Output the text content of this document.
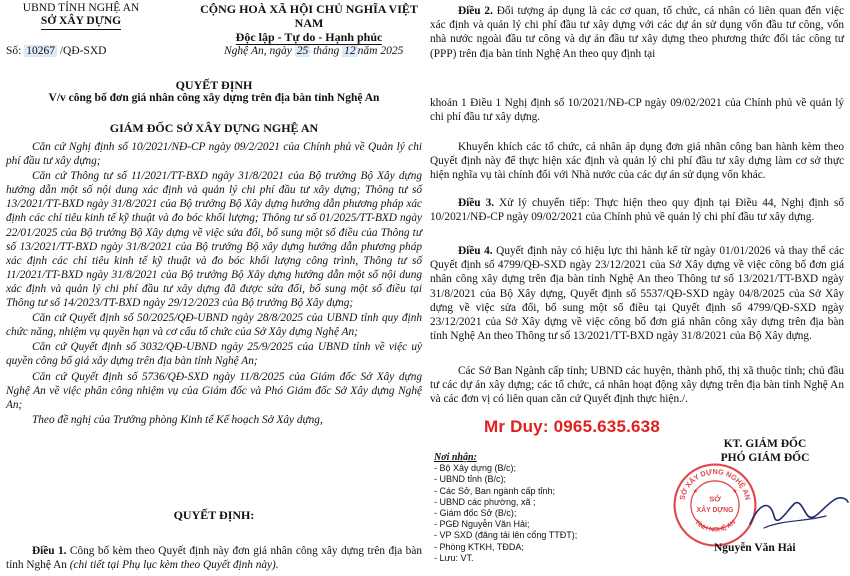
UBND TỈNH NGHỆ AN
SỞ XÂY DỰNG
CỘNG HOÀ XÃ HỘI CHỦ NGHĨA VIỆT NAM
Độc lập - Tự do - Hạnh phúc
Số: 10267 /QĐ-SXD	Nghệ An, ngày 25 tháng 12 năm 2025
QUYẾT ĐỊNH
V/v công bố đơn giá nhân công xây dựng trên địa bàn tỉnh Nghệ An
GIÁM ĐỐC SỞ XÂY DỰNG NGHỆ AN

Căn cứ Nghị định số 10/2021/NĐ-CP ngày 09/2/2021 của Chính phủ về Quản lý chi phí đầu tư xây dựng;

Căn cứ Thông tư số 11/2021/TT-BXD ngày 31/8/2021 của Bộ trưởng Bộ Xây dựng hướng dẫn một số nội dung xác định và quản lý chi phí đầu tư xây dựng; Thông tư số 13/2021/TT-BXD ngày 31/8/2021 của Bộ trưởng Bộ Xây dựng hướng dẫn phương pháp xác định các chỉ tiêu kinh tế kỹ thuật và đo bóc khối lượng; Thông tư số 01/2025/TT-BXD ngày 22/01/2025 của Bộ trưởng Bộ Xây dựng về việc sửa đổi, bổ sung một số điều của Thông tư số 13/2021/TT-BXD ngày 31/8/2021 của Bộ trưởng Bộ xây dựng hướng dẫn phương pháp xác định các chỉ tiêu kinh tế kỹ thuật và đo bóc khối lượng công trình, Thông tư số 11/2021/TT-BXD ngày 31/8/2021 của Bộ trưởng Bộ Xây dựng hướng dẫn một số nội dung xác định và quản lý chi phí đầu tư xây dựng đã được sửa đổi, bổ sung một số điều tại Thông tư số 14/2023/TT-BXD ngày 29/12/2023 của Bộ trưởng Bộ Xây dựng;

Căn cứ Quyết định số 50/2025/QĐ-UBND ngày 28/8/2025 của UBND tỉnh quy định chức năng, nhiệm vụ quyền hạn và cơ cấu tổ chức của Sở Xây dựng Nghệ An;

Căn cứ Quyết định số 3032/QĐ-UBND ngày 25/9/2025 của UBND tỉnh về việc uỷ quyền công bố giá xây dựng trên địa bàn tỉnh Nghệ An;

Căn cứ Quyết định số 5736/QĐ-SXD ngày 11/8/2025 của Giám đốc Sở Xây dựng Nghệ An về việc phân công nhiệm vụ của Giám đốc và Phó Giám đốc Sở Xây dựng Nghệ An;

Theo đề nghị của Trưởng phòng Kinh tế Kế hoạch Sở Xây dựng,

QUYẾT ĐỊNH:
Điều 1. Công bố kèm theo Quyết định này đơn giá nhân công xây dựng trên địa bàn tỉnh Nghệ An (chi tiết tại Phụ lục kèm theo Quyết định này).

Điều 2. Đối tượng áp dụng là các cơ quan, tổ chức, cá nhân có liên quan đến việc xác định và quản lý chi phí đầu tư xây dựng với các dự án sử dụng vốn đầu tư công, vốn nhà nước ngoài đầu tư công và dự án đầu tư xây dựng theo phương thức đối tác công tư (PPP) trên địa bàn tỉnh Nghệ An theo quy định tại

khoản 1 Điều 1 Nghị định số 10/2021/NĐ-CP ngày 09/02/2021 của Chính phủ về quản lý chi phí đầu tư xây dựng.

Khuyến khích các tổ chức, cá nhân áp dụng đơn giá nhân công ban hành kèm theo Quyết định này để thực hiện xác định và quản lý chi phí đầu tư xây dựng làm cơ sở thực hiện nghĩa vụ tài chính đối với Nhà nước của các dự án sử dụng vốn khác.

Điều 3. Xử lý chuyển tiếp: Thực hiện theo quy định tại Điều 44, Nghị định số 10/2021/NĐ-CP ngày 09/02/2021 của Chính phủ về quản lý chi phí đầu tư xây dựng.

Điều 4. Quyết định này có hiệu lực thi hành kể từ ngày 01/01/2026 và thay thế các Quyết định số 4799/QĐ-SXD ngày 23/12/2021 của Sở Xây dựng về việc công bố đơn giá nhân công xây dựng trên địa bàn tỉnh Nghệ An theo Thông tư số 13/2021/TT-BXD ngày 31/8/2021 của Bộ Xây dựng, Quyết định số 5537/QĐ-SXD ngày 04/8/2025 của Sở Xây dựng về việc sửa đổi, bổ sung một số điều tại Quyết định số 4799/QĐ-SXD ngày 23/12/2021 của Sở Xây dựng về việc công bố đơn giá nhân công xây dựng trên địa bàn tỉnh Nghệ An theo Thông tư số 13/2021/TT-BXD ngày 31/8/2021 của Bộ Xây dựng.

Các Sở Ban Ngành cấp tỉnh; UBND các huyện, thành phố, thị xã thuộc tỉnh; chủ đầu tư các dự án xây dựng; các tổ chức, cá nhân hoạt động xây dựng trên địa bàn tỉnh Nghệ An và các đơn vị có liên quan căn cứ Quyết định thực hiện./.

Mr Duy: 0965.635.638
KT. GIÁM ĐỐC
PHÓ GIÁM ĐỐC
Nơi nhận:
- Bộ Xây dựng (B/c);
- UBND tỉnh (B/c);
- Các Sở, Ban ngành cấp tỉnh;
- UBND các phường, xã ;
- Giám đốc Sở (B/c);
- PGĐ Nguyễn Văn Hải;
- VP SXD (đăng tải lên cổng TTĐT);
- Phòng KTKH, TĐDA;
- Lưu: VT.
SỞ XÂY DỰNG NGHỆ AN
SỞ
XÂY DỰNG
TỈNH NGHỆ AN
★	★
Nguyễn Văn Hải
